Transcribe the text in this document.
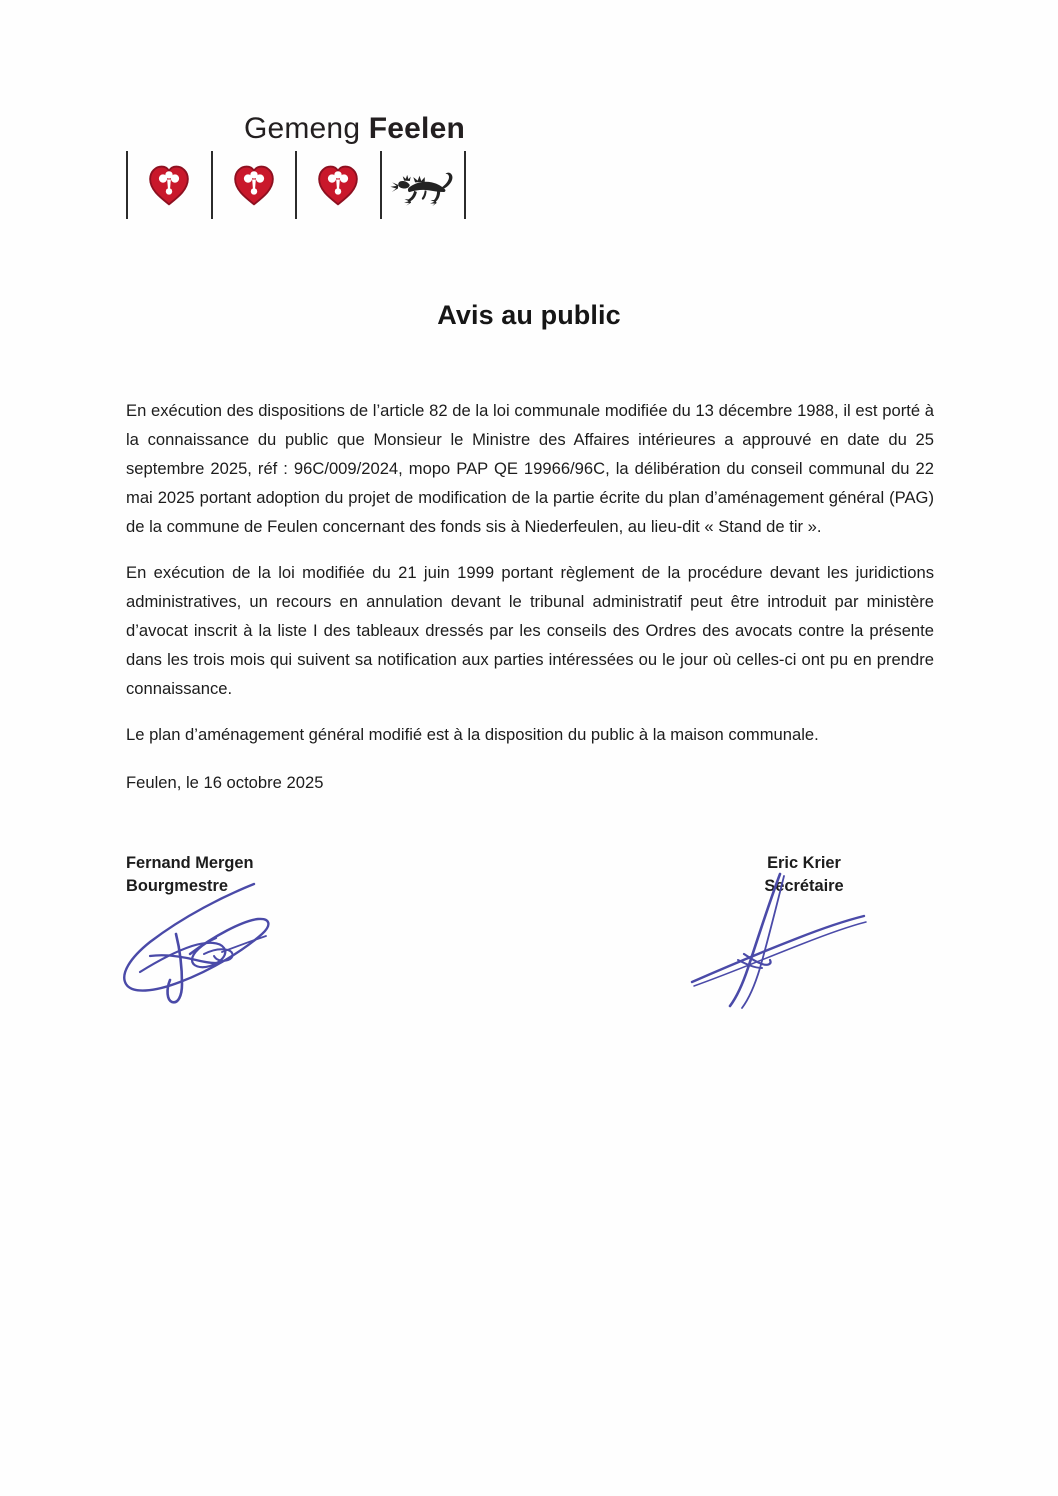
Gemeng Feelen
Avis au public

En exécution des dispositions de l’article 82 de la loi communale modifiée du 13 décembre 1988, il est porté à la connaissance du public que Monsieur le Ministre des Affaires intérieures a approuvé en date du 25 septembre 2025, réf : 96C/009/2024, mopo PAP QE 19966/96C, la délibération du conseil communal du 22 mai 2025 portant adoption du projet de modification de la partie écrite du plan d’aménagement général (PAG) de la commune de Feulen concernant des fonds sis à Niederfeulen, au lieu-dit « Stand de tir ».

En exécution de la loi modifiée du 21 juin 1999 portant règlement de la procédure devant les juridictions administratives, un recours en annulation devant le tribunal administratif peut être introduit par ministère d’avocat inscrit à la liste I des tableaux dressés par les conseils des Ordres des avocats contre la présente dans les trois mois qui suivent sa notification aux parties intéressées ou le jour où celles-ci ont pu en prendre connaissance.

Le plan d’aménagement général modifié est à la disposition du public à la maison communale.

Feulen, le 16 octobre 2025

Fernand Mergen
Bourgmestre
Eric Krier
Secrétaire
